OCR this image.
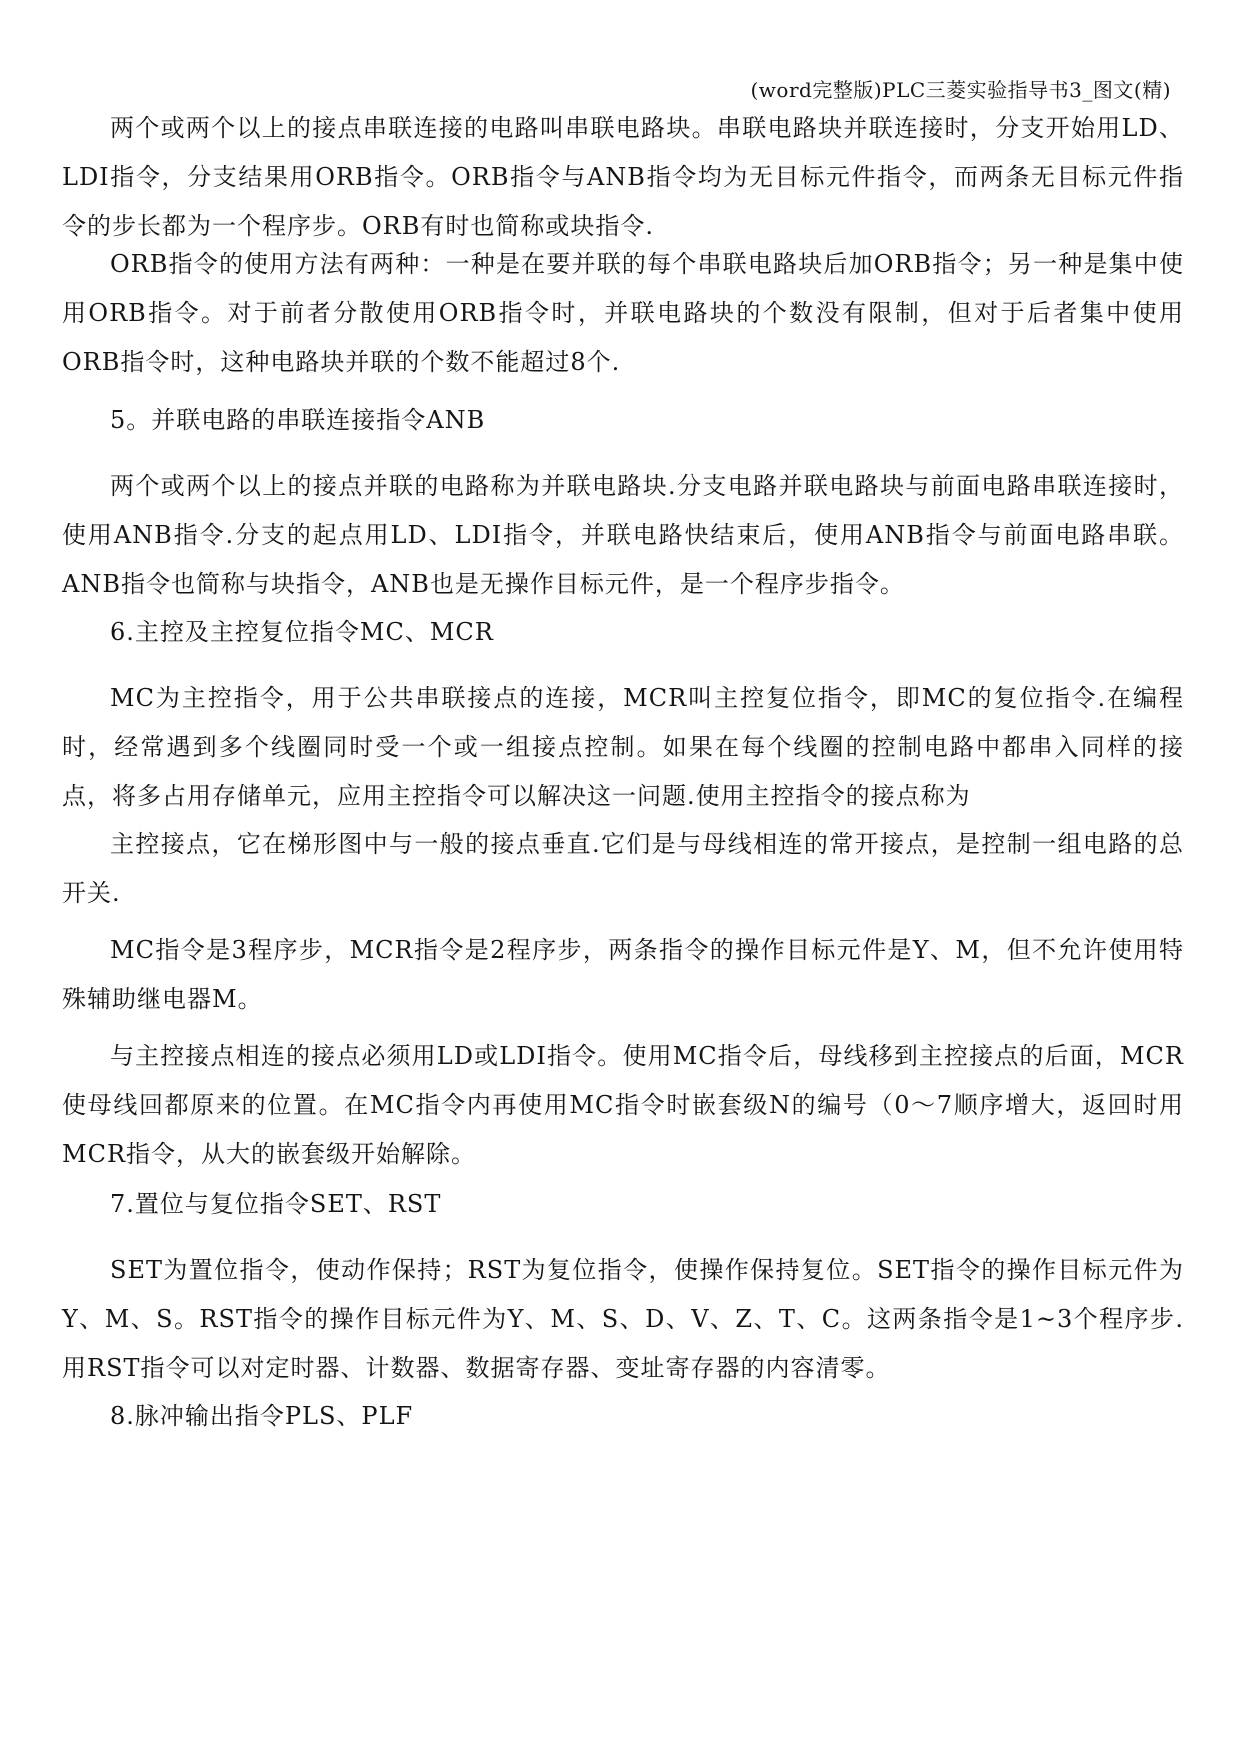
(word完整版)PLC三菱实验指导书3_图文(精)

两个或两个以上的接点串联连接的电路叫串联电路块。串联电路块并联连接时，分支开始用LD、LDI指令，分支结果用ORB指令。ORB指令与ANB指令均为无目标元件指令，而两条无目标元件指令的步长都为一个程序步。ORB有时也简称或块指令.

ORB指令的使用方法有两种：一种是在要并联的每个串联电路块后加ORB指令；另一种是集中使用ORB指令。对于前者分散使用ORB指令时，并联电路块的个数没有限制，但对于后者集中使用ORB指令时，这种电路块并联的个数不能超过8个.

5。并联电路的串联连接指令ANB

两个或两个以上的接点并联的电路称为并联电路块.分支电路并联电路块与前面电路串联连接时，使用ANB指令.分支的起点用LD、LDI指令，并联电路快结束后，使用ANB指令与前面电路串联。ANB指令也简称与块指令，ANB也是无操作目标元件，是一个程序步指令。

6.主控及主控复位指令MC、MCR

MC为主控指令，用于公共串联接点的连接，MCR叫主控复位指令，即MC的复位指令.在编程时，经常遇到多个线圈同时受一个或一组接点控制。如果在每个线圈的控制电路中都串入同样的接点，将多占用存储单元，应用主控指令可以解决这一问题.使用主控指令的接点称为

主控接点，它在梯形图中与一般的接点垂直.它们是与母线相连的常开接点，是控制一组电路的总开关.

MC指令是3程序步，MCR指令是2程序步，两条指令的操作目标元件是Y、M，但不允许使用特殊辅助继电器M。

与主控接点相连的接点必须用LD或LDI指令。使用MC指令后，母线移到主控接点的后面，MCR使母线回都原来的位置。在MC指令内再使用MC指令时嵌套级N的编号（0～7顺序增大，返回时用MCR指令，从大的嵌套级开始解除。

7.置位与复位指令SET、RST

SET为置位指令，使动作保持；RST为复位指令，使操作保持复位。SET指令的操作目标元件为Y、M、S。RST指令的操作目标元件为Y、M、S、D、V、Z、T、C。这两条指令是1~3个程序步.用RST指令可以对定时器、计数器、数据寄存器、变址寄存器的内容清零。

8.脉冲输出指令PLS、PLF
